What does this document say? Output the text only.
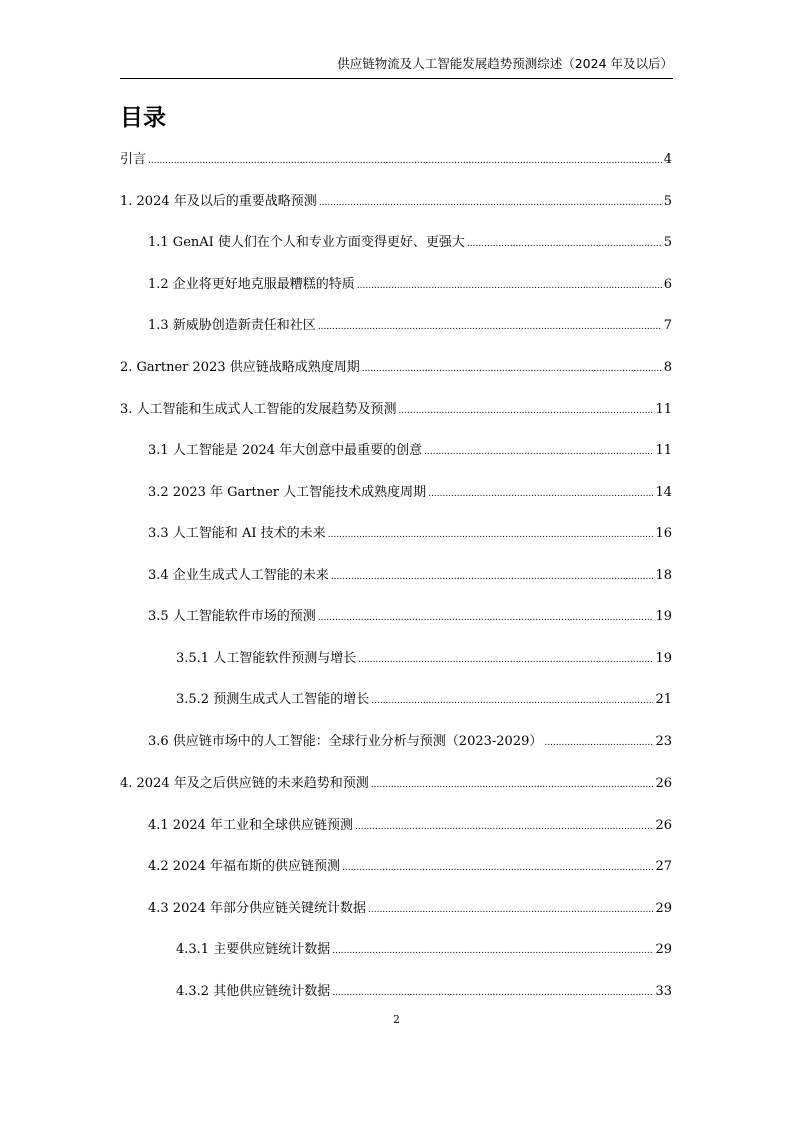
供应链物流及人工智能发展趋势预测综述（2024 年及以后）
目录
引言 .....	4
1. 2024 年及以后的重要战略预测 .....	5
1.1 GenAI 使人们在个人和专业方面变得更好、更强大 .....	5
1.2 企业将更好地克服最糟糕的特质 .....	6
1.3 新威胁创造新责任和社区 .....	7
2. Gartner 2023 供应链战略成熟度周期 .....	8
3. 人工智能和生成式人工智能的发展趋势及预测 .....	11
3.1 人工智能是 2024 年大创意中最重要的创意 .....	11
3.2 2023 年 Gartner 人工智能技术成熟度周期 .....	14
3.3 人工智能和 AI 技术的未来 .....	16
3.4 企业生成式人工智能的未来 .....	18
3.5 人工智能软件市场的预测 .....	19
3.5.1 人工智能软件预测与增长 .....	19
3.5.2 预测生成式人工智能的增长 .....	21
3.6 供应链市场中的人工智能：全球行业分析与预测（2023-2029） .....	23
4. 2024 年及之后供应链的未来趋势和预测 .....	26
4.1 2024 年工业和全球供应链预测 .....	26
4.2 2024 年福布斯的供应链预测 .....	27
4.3 2024 年部分供应链关键统计数据 .....	29
4.3.1 主要供应链统计数据 .....	29
4.3.2 其他供应链统计数据 .....	33
2
